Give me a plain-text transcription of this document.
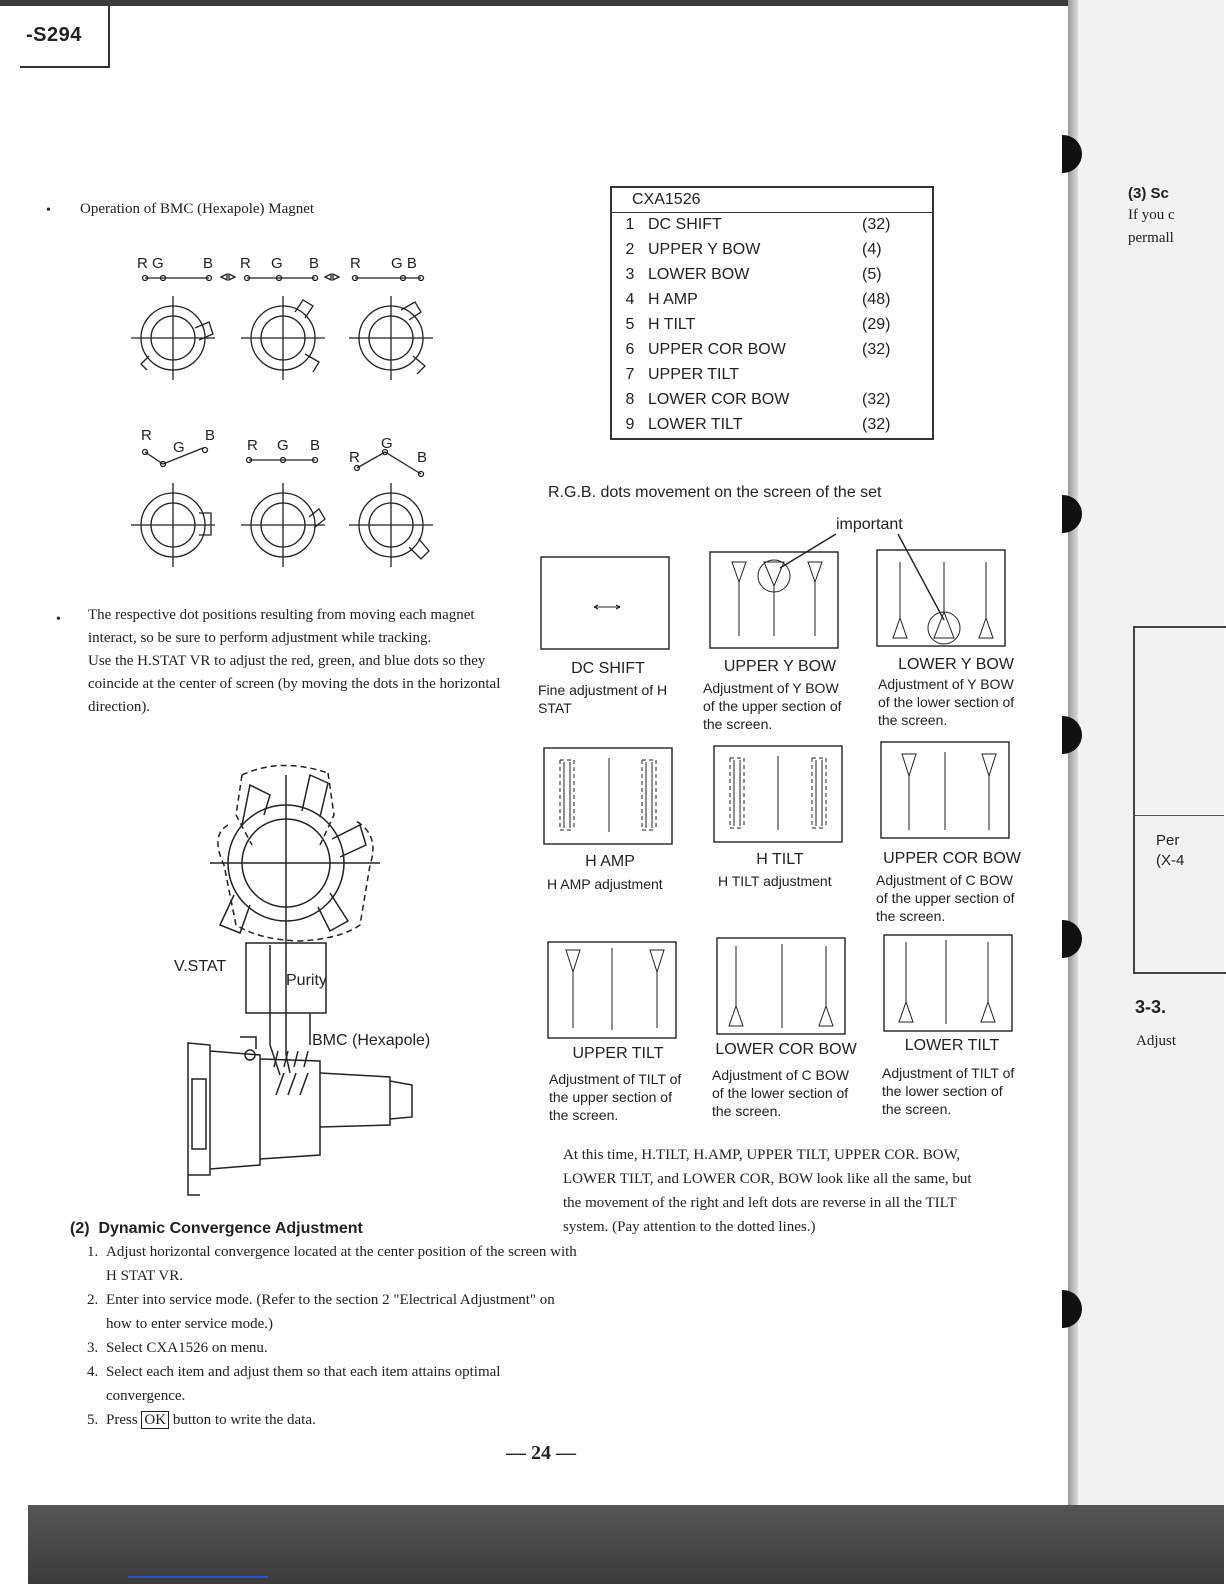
-S294
(3) Sc
If you c
permall
Per
(X-4
3-3.
Adjust
• Operation of BMC (Hexapole) Magnet
R G	B R G B R G B
R
G
B
R G B
R
G
B
• The respective dot positions resulting from moving each magnet
interact, so be sure to perform adjustment while tracking.
Use the H.STAT VR to adjust the red, green, and blue dots so they
coincide at the center of screen (by moving the dots in the horizontal
direction).
V.STAT
Purity
BMC (Hexapole)
(2) Dynamic Convergence Adjustment
1. Adjust horizontal convergence located at the center position of the screen with H STAT VR.
2. Enter into service mode. (Refer to the section 2 "Electrical Adjustment" on how to enter service mode.)
3. Select CXA1526 on menu.
4. Select each item and adjust them so that each item attains optimal convergence.
5. Press OK button to write the data.
CXA1526		
1	DC SHIFT	(32)
2	UPPER Y BOW	(4)
3	LOWER BOW	(5)
4	H AMP	(48)
5	H TILT	(29)
6	UPPER COR BOW	(32)
7	UPPER TILT	
8	LOWER COR BOW	(32)
9	LOWER TILT	(32)
R.G.B. dots movement on the screen of the set
important
DC SHIFT
Fine adjustment of H
STAT
UPPER Y BOW
Adjustment of Y BOW
of the upper section of
the screen.
LOWER Y BOW
Adjustment of Y BOW
of the lower section of
the screen.
H AMP
H AMP adjustment
H TILT
H TILT adjustment
UPPER COR BOW
Adjustment of C BOW
of the upper section of
the screen.
UPPER TILT
Adjustment of TILT of
the upper section of
the screen.
LOWER COR BOW
Adjustment of C BOW
of the lower section of
the screen.
LOWER TILT
Adjustment of TILT of
the lower section of
the screen.
At this time, H.TILT, H.AMP, UPPER TILT, UPPER COR. BOW,
LOWER TILT, and LOWER COR, BOW look like all the same, but
the movement of the right and left dots are reverse in all the TILT
system. (Pay attention to the dotted lines.)
— 24 —
